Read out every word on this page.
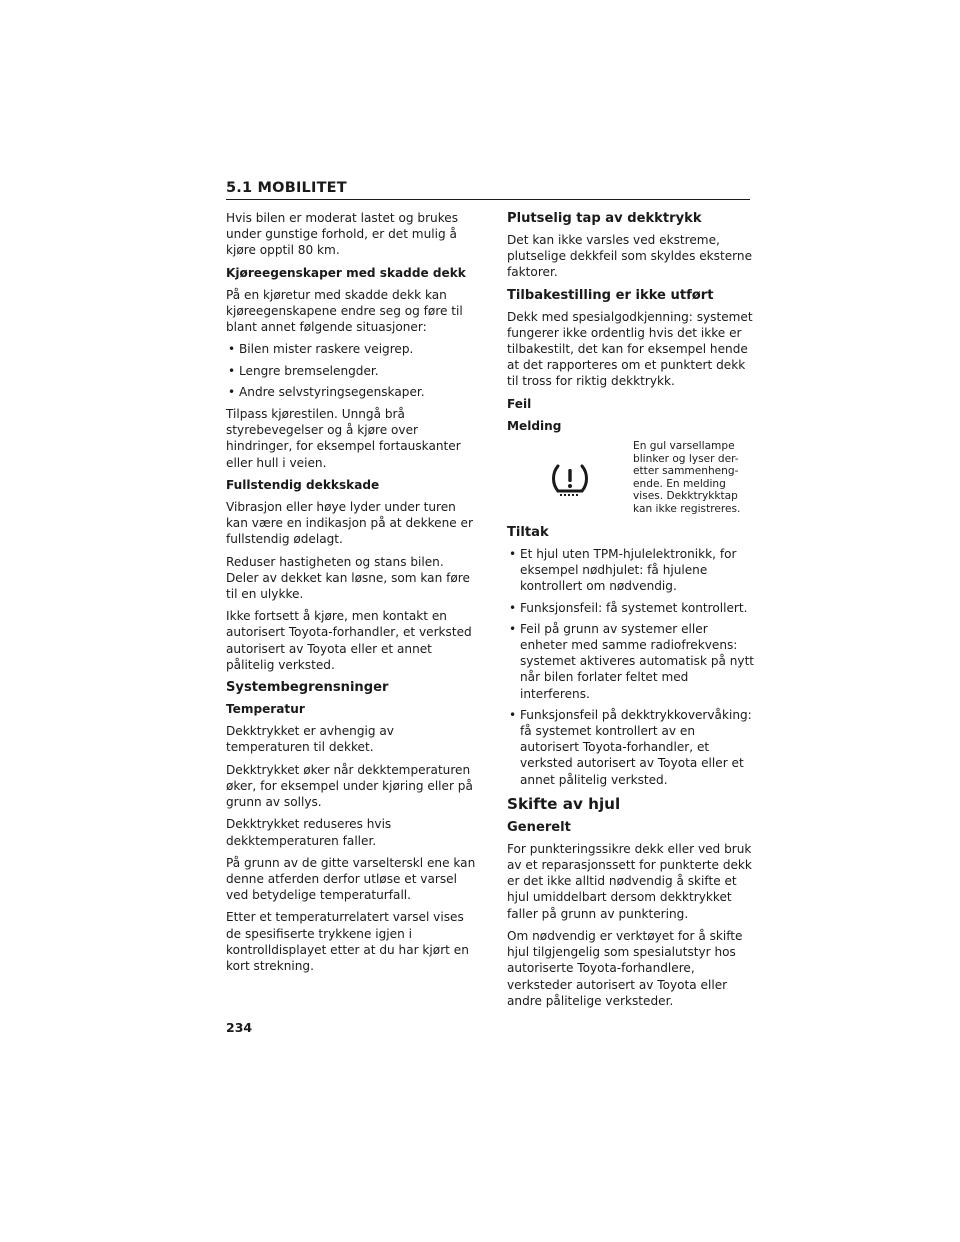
5.1 MOBILITET

Hvis bilen er moderat lastet og brukes under gunstige forhold, er det mulig å kjøre opptil 80 km.

Kjøreegenskaper med skadde dekk

På en kjøretur med skadde dekk kan kjøreegenskapene endre seg og føre til blant annet følgende situasjoner:

• Bilen mister raskere veigrep.
• Lengre bremselengder.
• Andre selvstyringsegenskaper.

Tilpass kjørestilen. Unngå brå styrebevegelser og å kjøre over hindringer, for eksempel fortauskanter eller hull i veien.

Fullstendig dekkskade

Vibrasjon eller høye lyder under turen kan være en indikasjon på at dekkene er fullstendig ødelagt.

Reduser hastigheten og stans bilen. Deler av dekket kan løsne, som kan føre til en ulykke.

Ikke fortsett å kjøre, men kontakt en autorisert Toyota-forhandler, et verksted autorisert av Toyota eller et annet pålitelig verksted.

Systembegrensninger
Temperatur

Dekktrykket er avhengig av temperaturen til dekket.

Dekktrykket øker når dekktemperaturen øker, for eksempel under kjøring eller på grunn av sollys.

Dekktrykket reduseres hvis dekktemperaturen faller.

På grunn av de gitte varselterskl ene kan denne atferden derfor utløse et varsel ved betydelige temperaturfall.

Etter et temperaturrelatert varsel vises de spesifiserte trykkene igjen i kontrolldisplayet etter at du har kjørt en kort strekning.

Plutselig tap av dekktrykk

Det kan ikke varsles ved ekstreme, plutselige dekkfeil som skyldes eksterne faktorer.

Tilbakestilling er ikke utført

Dekk med spesialgodkjenning: systemet fungerer ikke ordentlig hvis det ikke er tilbakestilt, det kan for eksempel hende at det rapporteres om et punktert dekk til tross for riktig dekktrykk.

Feil
Melding
En gul varsellampe blinker og lyser der-etter sammenheng-ende. En melding vises. Dekktrykktap kan ikke registreres.
Tiltak
• Et hjul uten TPM-hjulelektronikk, for eksempel nødhjulet: få hjulene kontrollert om nødvendig.
• Funksjonsfeil: få systemet kontrollert.
• Feil på grunn av systemer eller enheter med samme radiofrekvens: systemet aktiveres automatisk på nytt når bilen forlater feltet med interferens.
• Funksjonsfeil på dekktrykkovervåking: få systemet kontrollert av en autorisert Toyota-forhandler, et verksted autorisert av Toyota eller et annet pålitelig verksted.
Skifte av hjul
Generelt

For punkteringssikre dekk eller ved bruk av et reparasjonssett for punkterte dekk er det ikke alltid nødvendig å skifte et hjul umiddelbart dersom dekktrykket faller på grunn av punktering.

Om nødvendig er verktøyet for å skifte hjul tilgjengelig som spesialutstyr hos autoriserte Toyota-forhandlere, verksteder autorisert av Toyota eller andre pålitelige verksteder.

234
